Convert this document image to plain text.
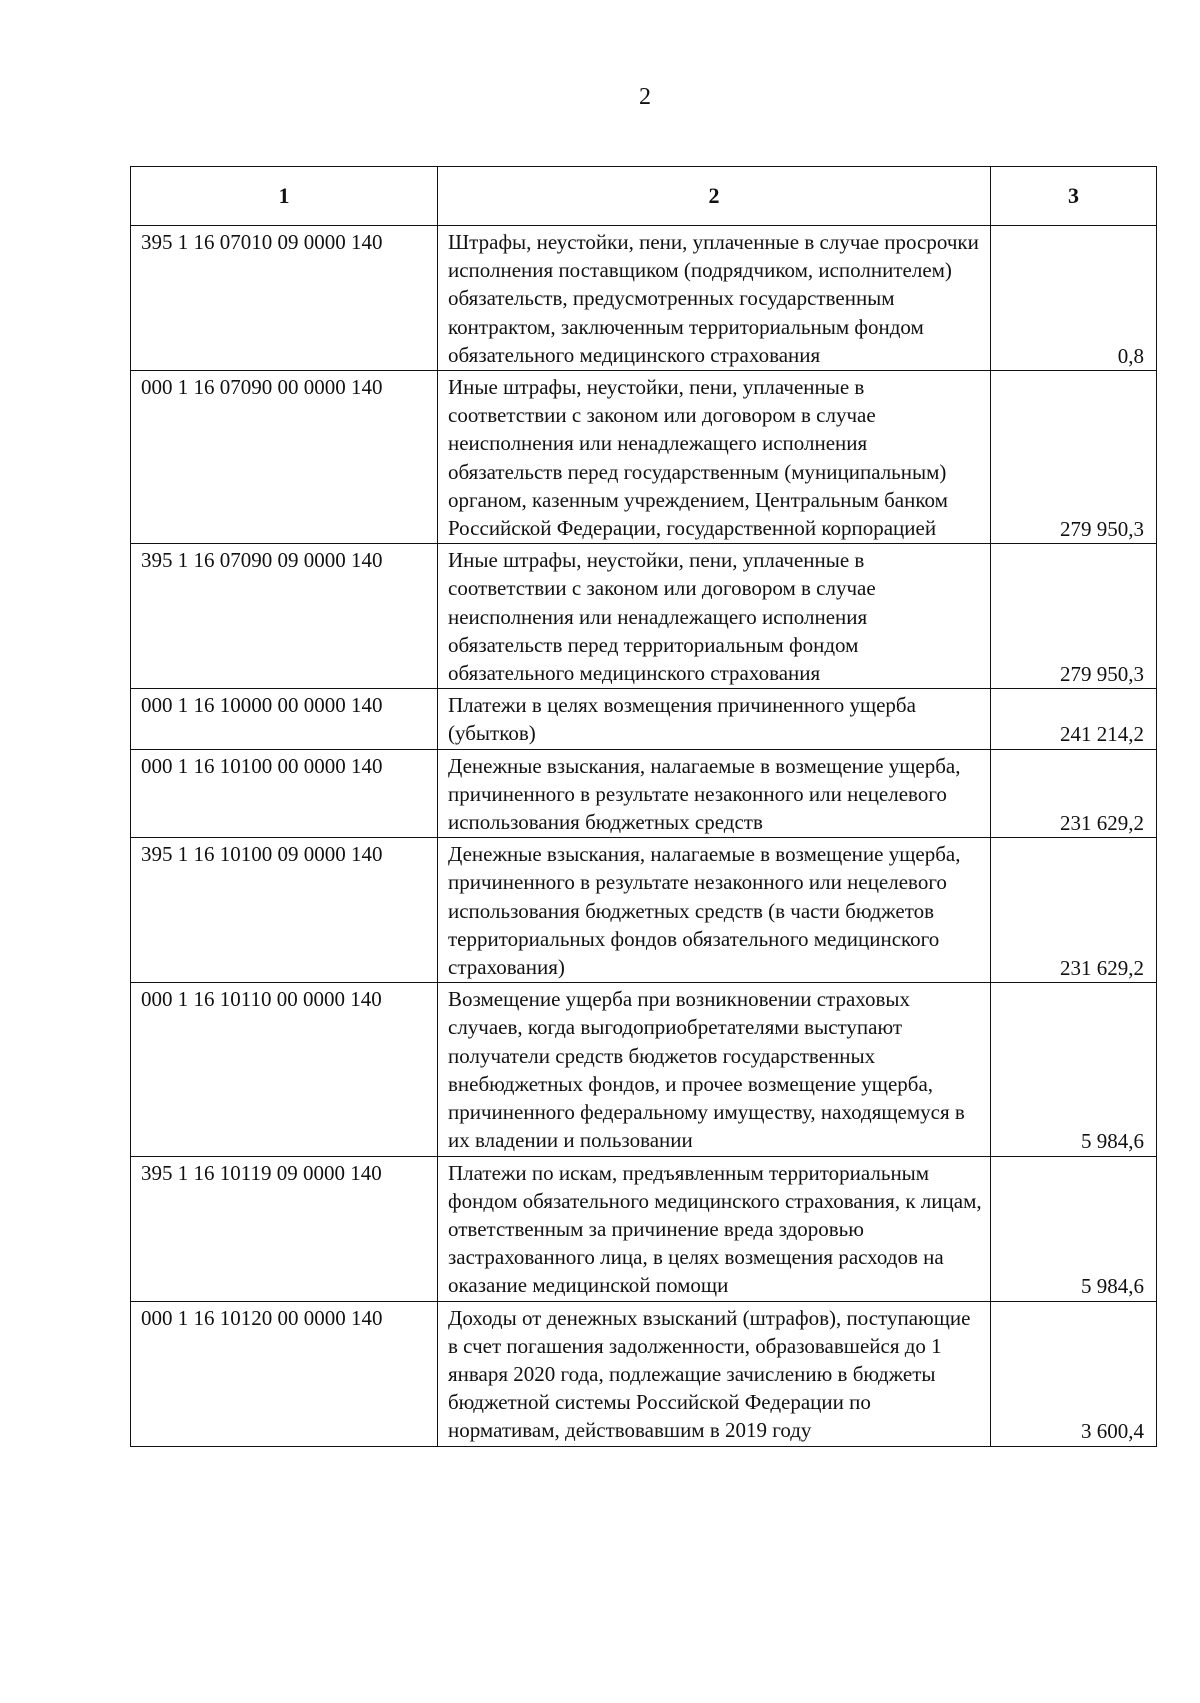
2
1	2	3
395 1 16 07010 09 0000 140	Штрафы, неустойки, пени, уплаченные в случае просрочки исполнения поставщиком (подрядчиком, исполнителем) обязательств, предусмотренных государственным контрактом, заключенным территориальным фондом обязательного медицинского страхования	0,8
000 1 16 07090 00 0000 140	Иные штрафы, неустойки, пени, уплаченные в соответствии с законом или договором в случае неисполнения или ненадлежащего исполнения обязательств перед государственным (муниципальным) органом, казенным учреждением, Центральным банком Российской Федерации, государственной корпорацией	279 950,3
395 1 16 07090 09 0000 140	Иные штрафы, неустойки, пени, уплаченные в соответствии с законом или договором в случае неисполнения или ненадлежащего исполнения обязательств перед территориальным фондом обязательного медицинского страхования	279 950,3
000 1 16 10000 00 0000 140	Платежи в целях возмещения причиненного ущерба (убытков)	241 214,2
000 1 16 10100 00 0000 140	Денежные взыскания, налагаемые в возмещение ущерба, причиненного в результате незаконного или нецелевого использования бюджетных средств	231 629,2
395 1 16 10100 09 0000 140	Денежные взыскания, налагаемые в возмещение ущерба, причиненного в результате незаконного или нецелевого использования бюджетных средств (в части бюджетов территориальных фондов обязательного медицинского страхования)	231 629,2
000 1 16 10110 00 0000 140	Возмещение ущерба при возникновении страховых случаев, когда выгодоприобретателями выступают получатели средств бюджетов государственных внебюджетных фондов, и прочее возмещение ущерба, причиненного федеральному имуществу, находящемуся в их владении и пользовании	5 984,6
395 1 16 10119 09 0000 140	Платежи по искам, предъявленным территориальным фондом обязательного медицинского страхования, к лицам, ответственным за причинение вреда здоровью застрахованного лица, в целях возмещения расходов на оказание медицинской помощи	5 984,6
000 1 16 10120 00 0000 140	Доходы от денежных взысканий (штрафов), поступающие в счет погашения задолженности, образовавшейся до 1 января 2020 года, подлежащие зачислению в бюджеты бюджетной системы Российской Федерации по нормативам, действовавшим в 2019 году	3 600,4
